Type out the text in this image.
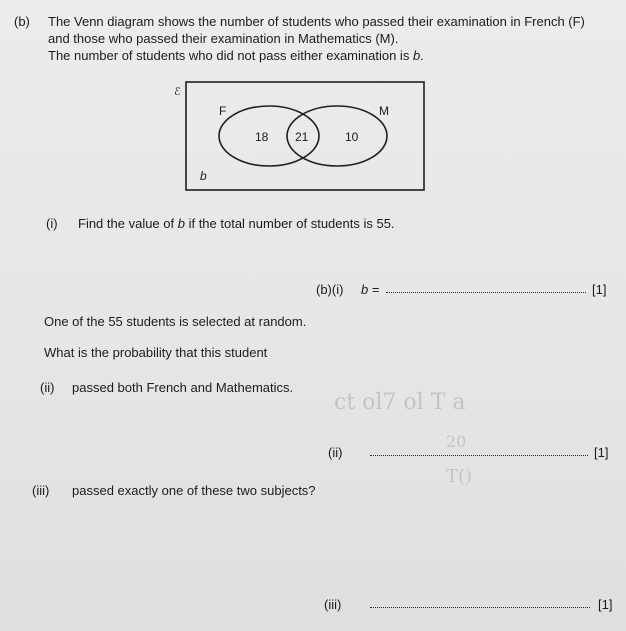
(b) The Venn diagram shows the number of students who passed their examination in French (F)
and those who passed their examination in Mathematics (M).
The number of students who did not pass either examination is b.
ℰ
F	M
18 21	10
b
(i) Find the value of b if the total number of students is 55.
(b)(i) b =	[1]
One of the 55 students is selected at random.
What is the probability that this student
(ii) passed both French and Mathematics.
ct ol7 ol T a
20
T()
(ii)	[1]
(iii) passed exactly one of these two subjects?
(iii)	[1]
